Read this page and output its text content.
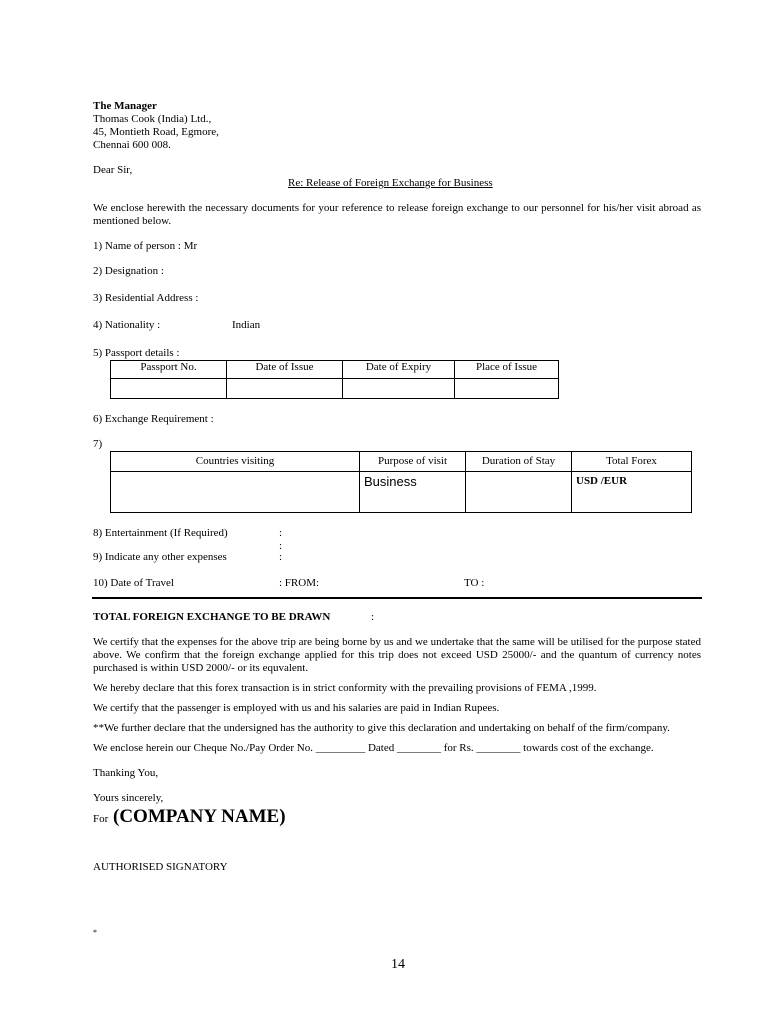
The Manager
Thomas Cook (India) Ltd.,
45, Montieth Road, Egmore,
Chennai 600 008.
Dear Sir,
Re: Release of Foreign Exchange for Business
We enclose herewith the necessary documents for your reference to release foreign exchange to our personnel for his/her visit abroad as mentioned below.
1) Name of person : Mr
2) Designation :
3) Residential Address :
4) Nationality :	Indian
5) Passport details :
Passport No.	Date of Issue	Date of Expiry	Place of Issue

6) Exchange Requirement :
7)
Countries visiting	Purpose of visit	Duration of Stay	Total Forex
	Business		USD /EUR
8) Entertainment (If Required)	:
:
9) Indicate any other expenses	:
10) Date of Travel	: FROM:	TO :
TOTAL FOREIGN EXCHANGE TO BE DRAWN	:
We certify that the expenses for the above trip are being borne by us and we undertake that the same will be utilised for the purpose stated above. We confirm that the foreign exchange applied for this trip does not exceed USD 25000/- and the quantum of currency notes purchased is within USD 2000/- or its equvalent.
We hereby declare that this forex transaction is in strict conformity with the prevailing provisions of FEMA ,1999.
We certify that the passenger is employed with us and his salaries are paid in Indian Rupees.
**We further declare that the undersigned has the authority to give this declaration and undertaking on behalf of the firm/company.
We enclose herein our Cheque No./Pay Order No. _________ Dated ________ for Rs. ________ towards cost of the exchange.
Thanking You,
Yours sincerely,
For (COMPANY NAME)
AUTHORISED SIGNATORY
*
14
